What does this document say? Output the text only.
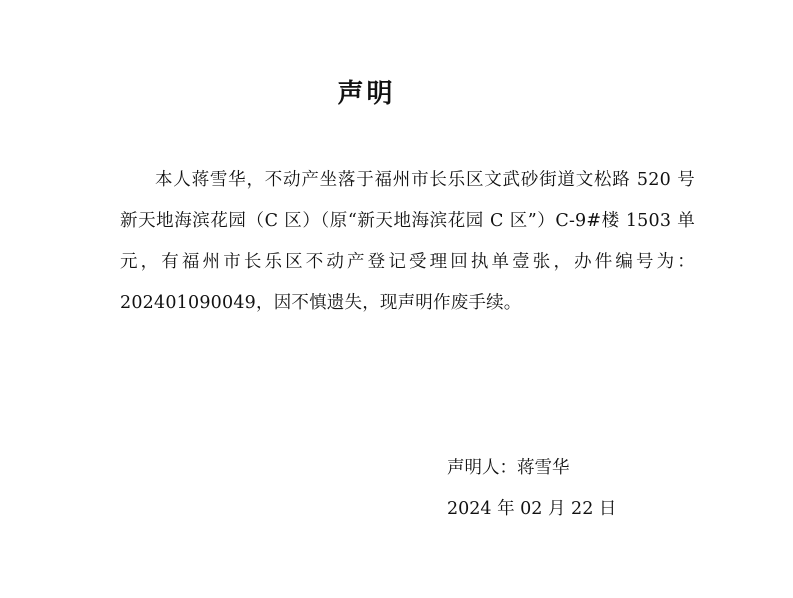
声明

本人蒋雪华，不动产坐落于福州市长乐区文武砂街道文松路 520 号新天地海滨花园（C 区）（原“新天地海滨花园 C 区”）C-9#楼 1503 单元，有福州市长乐区不动产登记受理回执单壹张，办件编号为：202401090049，因不慎遗失，现声明作废手续。

声明人：蒋雪华
2024 年 02 月 22 日
